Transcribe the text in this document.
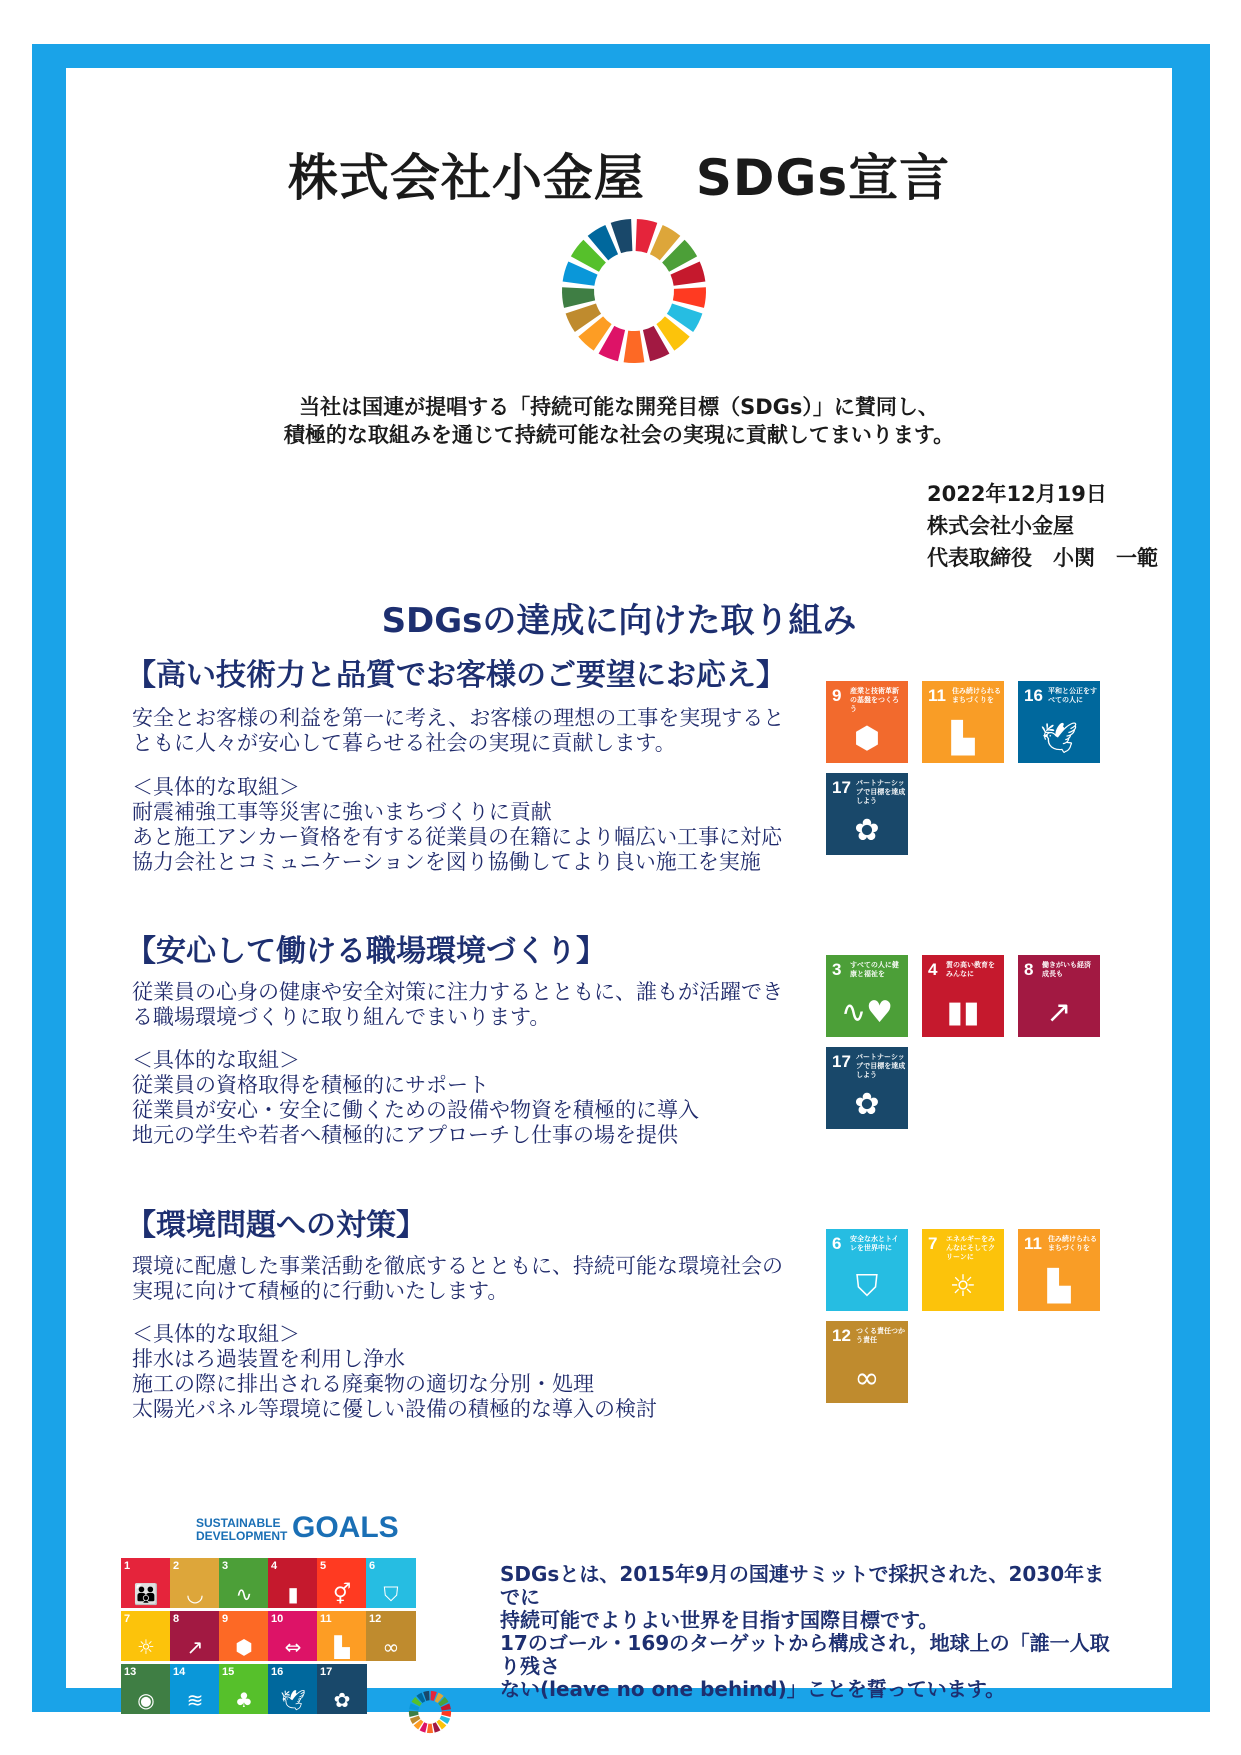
株式会社小金屋　SDGs宣言
当社は国連が提唱する「持続可能な開発目標（SDGs）」に賛同し、
積極的な取組みを通じて持続可能な社会の実現に貢献してまいります。
2022年12月19日
株式会社小金屋
代表取締役　小関　一範
SDGsの達成に向けた取り組み
【高い技術力と品質でお客様のご要望にお応え】
安全とお客様の利益を第一に考え、お客様の理想の工事を実現すると
ともに人々が安心して暮らせる社会の実現に貢献します。
＜具体的な取組＞
耐震補強工事等災害に強いまちづくりに貢献
あと施工アンカー資格を有する従業員の在籍により幅広い工事に対応
協力会社とコミュニケーションを図り協働してより良い施工を実施
9 産業と技術革新の基盤をつくろう
⬢
11 住み続けられるまちづくりを
▙
16 平和と公正をすべての人に
🕊
17 パートナーシップで目標を達成しよう
✿
【安心して働ける職場環境づくり】
従業員の心身の健康や安全対策に注力するとともに、誰もが活躍でき
る職場環境づくりに取り組んでまいります。
＜具体的な取組＞
従業員の資格取得を積極的にサポート
従業員が安心・安全に働くための設備や物資を積極的に導入
地元の学生や若者へ積極的にアプローチし仕事の場を提供
3 すべての人に健康と福祉を
∿♥
4 質の高い教育をみんなに
▮▮
8 働きがいも経済成長も
↗
17 パートナーシップで目標を達成しよう
✿
【環境問題への対策】
環境に配慮した事業活動を徹底するとともに、持続可能な環境社会の
実現に向けて積極的に行動いたします。
＜具体的な取組＞
排水はろ過装置を利用し浄水
施工の際に排出される廃棄物の適切な分別・処理
太陽光パネル等環境に優しい設備の積極的な導入の検討
6 安全な水とトイレを世界中に
⛉
7 エネルギーをみんなにそしてクリーンに
☼
11 住み続けられるまちづくりを
▙
12 つくる責任つかう責任
∞
SUSTAINABLE
DEVELOPMENT GOALS
1
👪
2
◡
3
∿
4
▮
5
⚥
6
⛉
7
☼
8
↗
9
⬢
10
⇔
11
▙
12
∞
13
◉
14
≋
15
♣
16
🕊
17
✿
SDGsとは、2015年9月の国連サミットで採択された、2030年までに
持続可能でよりよい世界を目指す国際目標です。
17のゴール・169のターゲットから構成され，地球上の「誰一人取り残さ
ない(leave no one behind)」ことを誓っています。
